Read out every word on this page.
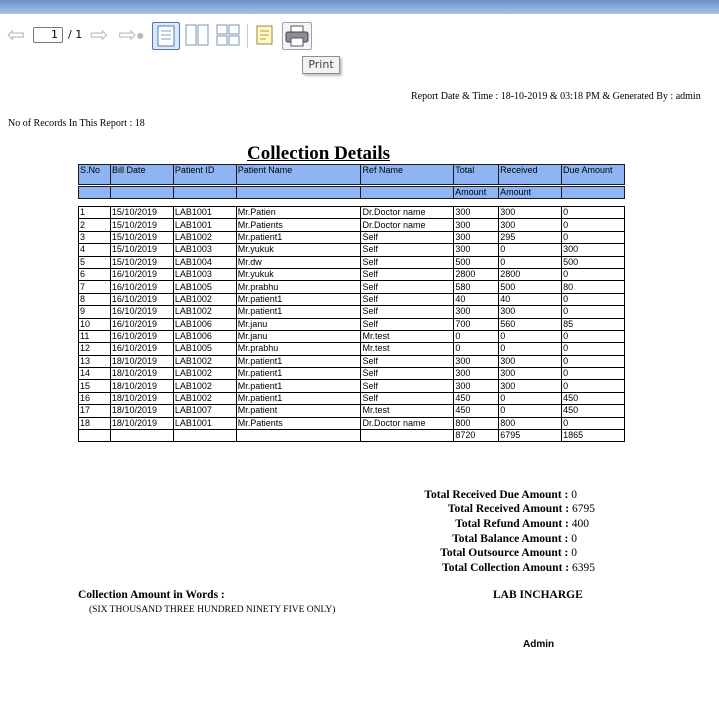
⇦	1 / 1 ⇨ ⇨ ●
Print
Report Date & Time : 18-10-2019 & 03:18 PM & Generated By : admin
No of Records In This Report : 18
Collection Details
S.No	Bill Date	Patient ID	Patient Name	Ref Name	Total	Received	Due Amount
					Amount	Amount	
1	15/10/2019	LAB1001	Mr.Patien	Dr.Doctor name	300	300	0
2	15/10/2019	LAB1001	Mr.Patients	Dr.Doctor name	300	300	0
3	15/10/2019	LAB1002	Mr.patient1	Self	300	295	0
4	15/10/2019	LAB1003	Mr.yukuk	Self	300	0	300
5	15/10/2019	LAB1004	Mr.dw	Self	500	0	500
6	16/10/2019	LAB1003	Mr.yukuk	Self	2800	2800	0
7	16/10/2019	LAB1005	Mr.prabhu	Self	580	500	80
8	16/10/2019	LAB1002	Mr.patient1	Self	40	40	0
9	16/10/2019	LAB1002	Mr.patient1	Self	300	300	0
10	16/10/2019	LAB1006	Mr.janu	Self	700	560	85
11	16/10/2019	LAB1006	Mr.janu	Mr.test	0	0	0
12	16/10/2019	LAB1005	Mr.prabhu	Mr.test	0	0	0
13	18/10/2019	LAB1002	Mr.patient1	Self	300	300	0
14	18/10/2019	LAB1002	Mr.patient1	Self	300	300	0
15	18/10/2019	LAB1002	Mr.patient1	Self	300	300	0
16	18/10/2019	LAB1002	Mr.patient1	Self	450	0	450
17	18/10/2019	LAB1007	Mr.patient	Mr.test	450	0	450
18	18/10/2019	LAB1001	Mr.Patients	Dr.Doctor name	800	800	0
					8720	6795	1865
Total Received Due Amount : 0
Total Received Amount : 6795
Total Refund Amount : 400
Total Balance Amount : 0
Total Outsource Amount : 0
Total Collection Amount : 6395
Collection Amount in Words :
(SIX THOUSAND THREE HUNDRED NINETY FIVE ONLY)
LAB INCHARGE
Admin
